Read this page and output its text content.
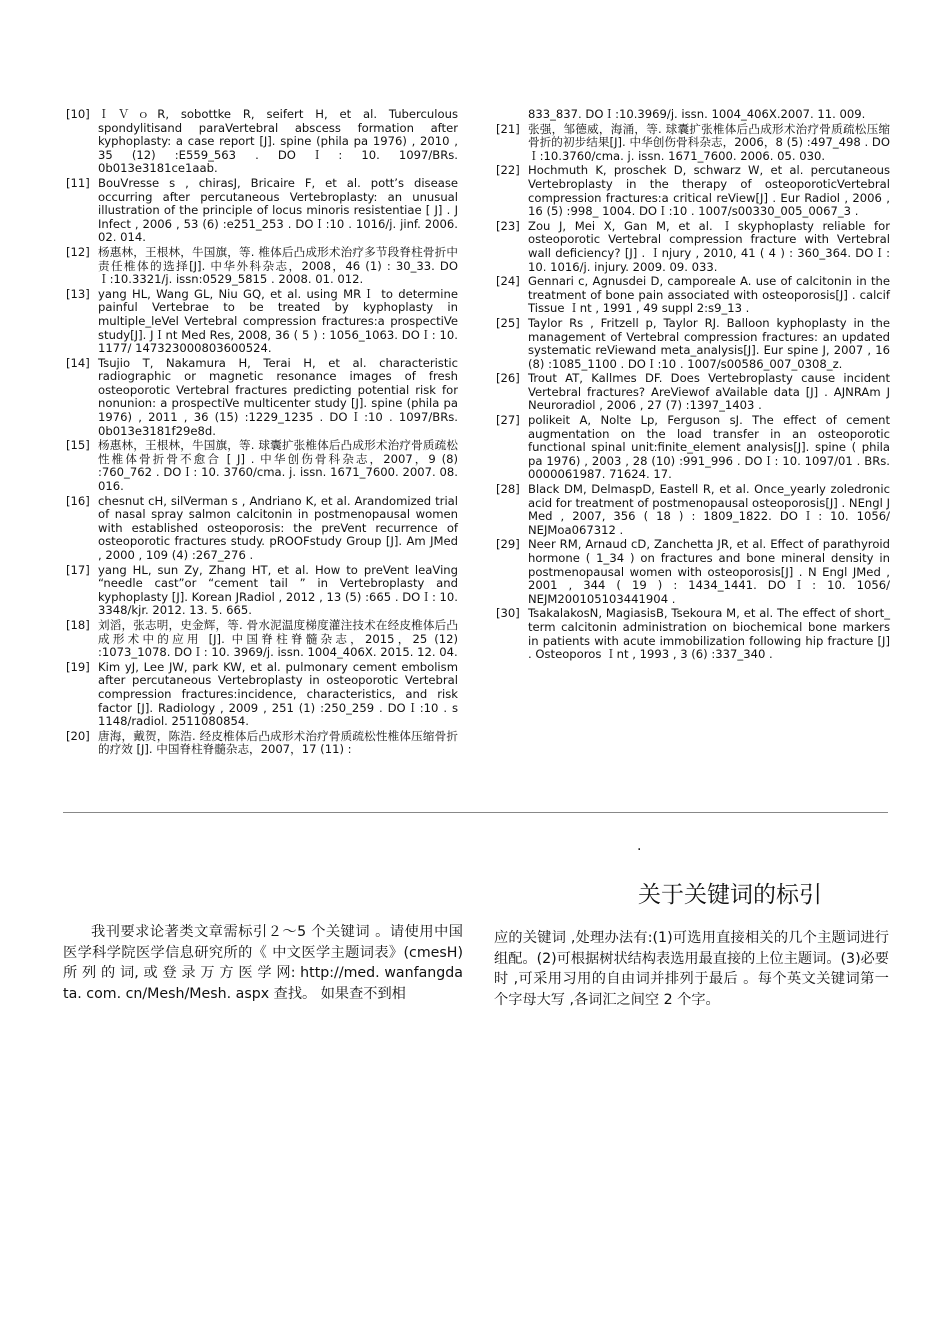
[10] ＩＶｏR, sobottke R, seifert H, et al. Tuberculous spondylitisand paraVertebral abscess formation after kyphoplasty: a case report [J]. spine (phila pa 1976) , 2010 , 35 (12) :E559_563 . DOＩ: 10. 1097/BRs. 0b013e3181ce1aab.
[11] BouVresse s , chirasJ, Bricaire F, et al. pott’s disease occurring after percutaneous Vertebroplasty: an unusual illustration of the principle of locus minoris resistentiae [ J] . J Infect , 2006 , 53 (6) :e251_253 . DOＩ:10 . 1016/j. jinf. 2006. 02. 014.
[12] 杨惠林，王根林，牛国旗，等. 椎体后凸成形术治疗多节段脊柱骨折中责任椎体的选择[J]. 中华外科杂志，2008，46 (1) : 30_33. DOＩ:10.3321/j. issn:0529_5815 . 2008. 01. 012.
[13] yang HL, Wang GL, Niu GQ, et al. using MRＩ to determine painful Vertebrae to be treated by kyphoplasty in multiple_leVel Vertebral compression fractures:a prospectiVe study[J]. JＩnt Med Res, 2008, 36 ( 5 ) : 1056_1063. DOＩ: 10. 1177/ 147323000803600524.
[14] Tsujio T, Nakamura H, Terai H, et al. characteristic radiographic or magnetic resonance images of fresh osteoporotic Vertebral fractures predicting potential risk for nonunion: a prospectiVe multicenter study [J]. spine (phila pa 1976) , 2011 , 36 (15) :1229_1235 . DOＩ:10 . 1097/BRs. 0b013e3181f29e8d.
[15] 杨惠林，王根林，牛国旗，等. 球囊扩张椎体后凸成形术治疗骨质疏松性椎体骨折骨不愈合 [ J] . 中华创伤骨科杂志，2007，9 (8) :760_762 . DOＩ: 10. 3760/cma. j. issn. 1671_7600. 2007. 08. 016.
[16] chesnut cH, silVerman s , Andriano K, et al. Arandomized trial of nasal spray salmon calcitonin in postmenopausal women with established osteoporosis: the preVent recurrence of osteoporotic fractures study. pROOFstudy Group [J]. Am JMed , 2000 , 109 (4) :267_276 .
[17] yang HL, sun Zy, Zhang HT, et al. How to preVent leaVing “needle cast”or “cement tail ” in Vertebroplasty and kyphoplasty [J]. Korean JRadiol , 2012 , 13 (5) :665 . DOＩ: 10. 3348/kjr. 2012. 13. 5. 665.
[18] 刘滔，张志明，史金辉，等. 骨水泥温度梯度灌注技术在经皮椎体后凸成形术中的应用 [J]. 中国脊柱脊髓杂志，2015，25 (12) :1073_1078. DOＩ: 10. 3969/j. issn. 1004_406X. 2015. 12. 04.
[19] Kim yJ, Lee JW, park KW, et al. pulmonary cement embolism after percutaneous Vertebroplasty in osteoporotic Vertebral compression fractures:incidence, characteristics, and risk factor [J]. Radiology , 2009 , 251 (1) :250_259 . DOＩ:10 . s 1148/radiol. 2511080854.
[20] 唐海，戴贺，陈浩. 经皮椎体后凸成形术治疗骨质疏松性椎体压缩骨折的疗效 [J]. 中国脊柱脊髓杂志，2007，17 (11) :
833_837. DOＩ:10.3969/j. issn. 1004_406X.2007. 11. 009.
[21] 张强，邹德威，海涌，等. 球囊扩张椎体后凸成形术治疗骨质疏松压缩骨折的初步结果[J]. 中华创伤骨科杂志，2006，8 (5) :497_498 . DOＩ:10.3760/cma. j. issn. 1671_7600. 2006. 05. 030.
[22] Hochmuth K, proschek D, schwarz W, et al. percutaneous Vertebroplasty in the therapy of osteoporoticVertebral compression fractures:a critical reView[J] . Eur Radiol , 2006 , 16 (5) :998_ 1004. DOＩ:10 . 1007/s00330_005_0067_3 .
[23] Zou J, Mei X, Gan M, et al. Ｉskyphoplasty reliable for osteoporotic Vertebral compression fracture with Vertebral wall deficiency? [J] . Ｉnjury , 2010, 41 ( 4 ) : 360_364. DOＩ: 10. 1016/j. injury. 2009. 09. 033.
[24] Gennari c, Agnusdei D, camporeale A. use of calcitonin in the treatment of bone pain associated with osteoporosis[J] . calcif Tissue Ｉnt , 1991 , 49 suppl 2:s9_13 .
[25] Taylor Rs , Fritzell p, Taylor RJ. Balloon kyphoplasty in the management of Vertebral compression fractures: an updated systematic reViewand meta_analysis[J]. Eur spine J, 2007 , 16 (8) :1085_1100 . DOＩ:10 . 1007/s00586_007_0308_z.
[26] Trout AT, Kallmes DF. Does Vertebroplasty cause incident Vertebral fractures? AreViewof aVailable data [J] . AJNRAm J Neuroradiol , 2006 , 27 (7) :1397_1403 .
[27] polikeit A, Nolte Lp, Ferguson sJ. The effect of cement augmentation on the load transfer in an osteoporotic functional spinal unit:finite_element analysis[J]. spine ( phila pa 1976) , 2003 , 28 (10) :991_996 . DOＩ: 10. 1097/01 . BRs. 0000061987. 71624. 17.
[28] Black DM, DelmaspD, Eastell R, et al. Once_yearly zoledronic acid for treatment of postmenopausal osteoporosis[J] . NEngl J Med , 2007, 356 ( 18 ) : 1809_1822. DOＩ: 10. 1056/ NEJMoa067312 .
[29] Neer RM, Arnaud cD, Zanchetta JR, et al. Effect of parathyroid hormone ( 1_34 ) on fractures and bone mineral density in postmenopausal women with osteoporosis[J] . N Engl JMed , 2001 , 344 ( 19 ) : 1434_1441. DOＩ: 10. 1056/ NEJM200105103441904 .
[30] TsakalakosN, MagiasisB, Tsekoura M, et al. The effect of short_ term calcitonin administration on biochemical bone markers in patients with acute immobilization following hip fracture [J] . Osteoporos Ｉnt , 1993 , 3 (6) :337_340 .
.
关于关键词的标引

我刊要求论著类文章需标引２～5 个关键词 。请使用中国医学科学院医学信息研究所的《 中文医学主题词表》(cmesH) 所 列 的 词, 或 登 录 万 方 医 学 网: http://med. wanfangdata. com. cn/Mesh/Mesh. aspx 查找。 如果查不到相

应的关键词 ,处理办法有:(1)可选用直接相关的几个主题词进行组配。(2)可根据树状结构表选用最直接的上位主题词。(3)必要时 ,可采用习用的自由词并排列于最后 。每个英文关键词第一个字母大写 ,各词汇之间空 2 个字。
